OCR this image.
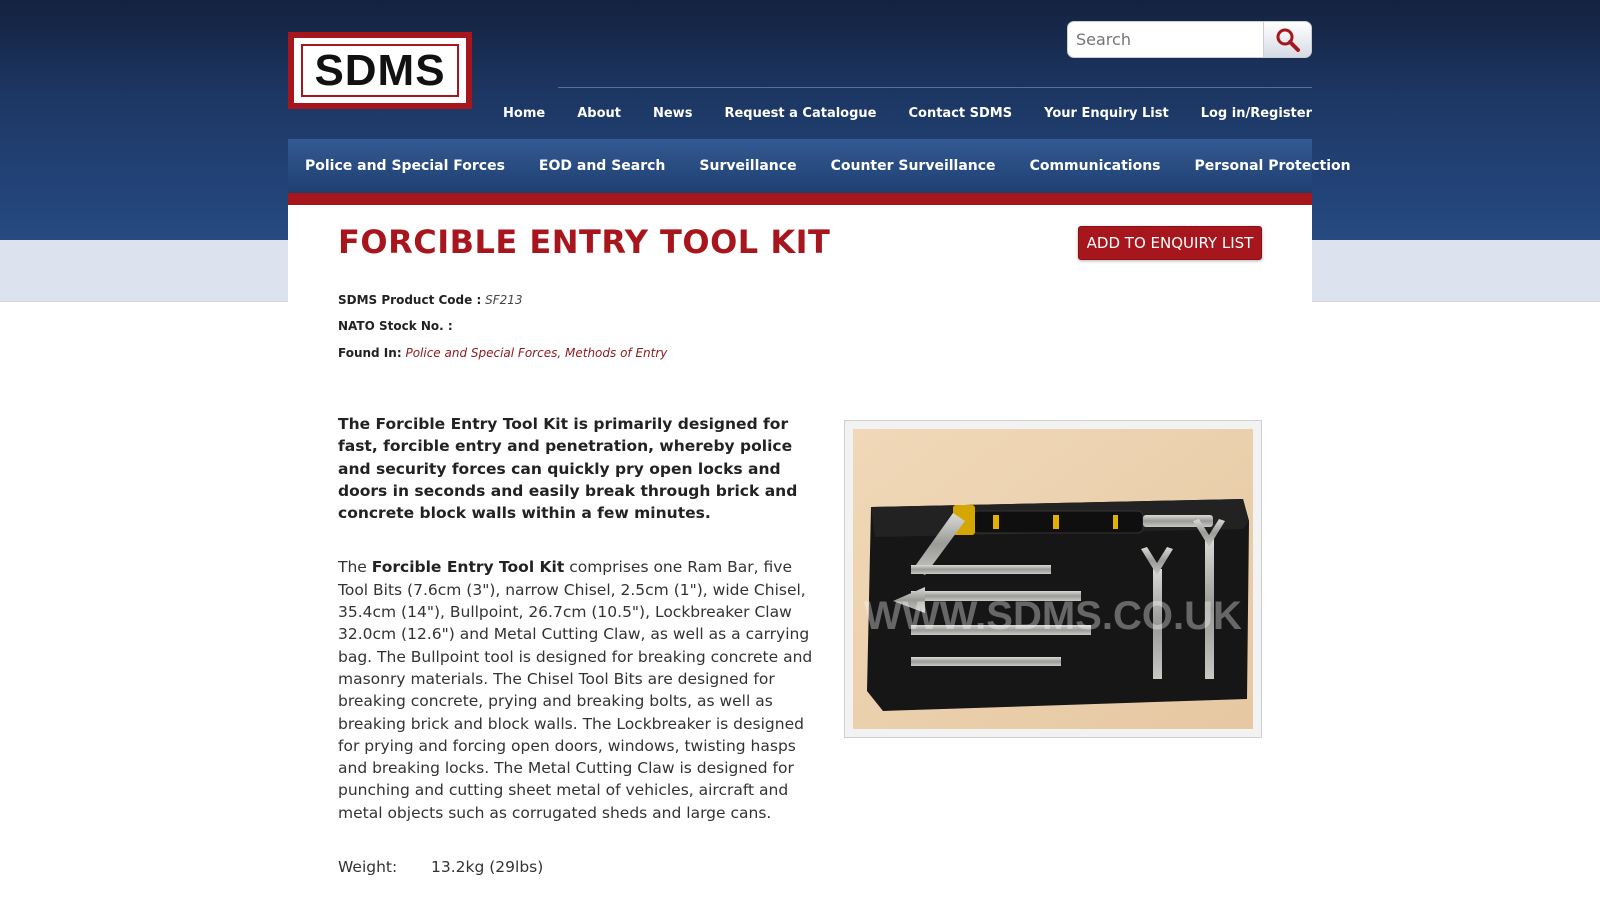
SDMS
Search
Home About News Request a Catalogue Contact SDMS Your Enquiry List Log in/Register
Police and Special Forces EOD and Search Surveillance Counter Surveillance Communications Personal Protection
FORCIBLE ENTRY TOOL KIT	ADD TO ENQUIRY LIST
SDMS Product Code : SF213
NATO Stock No. :
Found In: Police and Special Forces, Methods of Entry

The Forcible Entry Tool Kit is primarily designed for fast, forcible entry and penetration, whereby police and security forces can quickly pry open locks and doors in seconds and easily break through brick and concrete block walls within a few minutes.

The Forcible Entry Tool Kit comprises one Ram Bar, five Tool Bits (7.6cm (3"), narrow Chisel, 2.5cm (1"), wide Chisel, 35.4cm (14"), Bullpoint, 26.7cm (10.5"), Lockbreaker Claw 32.0cm (12.6") and Metal Cutting Claw, as well as a carrying bag. The Bullpoint tool is designed for breaking concrete and masonry materials. The Chisel Tool Bits are designed for breaking concrete, prying and breaking bolts, as well as breaking brick and block walls. The Lockbreaker is designed for prying and forcing open doors, windows, twisting hasps and breaking locks. The Metal Cutting Claw is designed for punching and cutting sheet metal of vehicles, aircraft and metal objects such as corrugated sheds and large cans.

Weight:	13.2kg (29lbs)
WWW.SDMS.CO.UK
